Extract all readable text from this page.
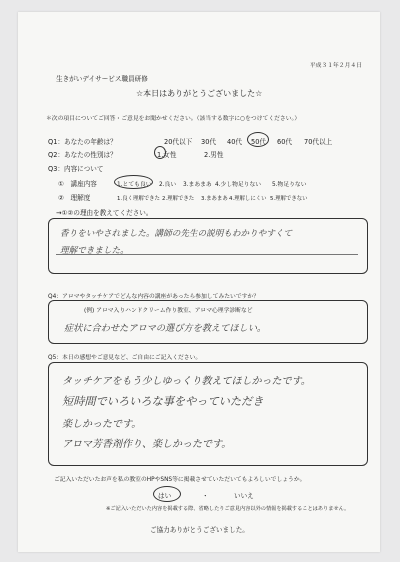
平成３１年２月４日
生きがいデイサービス職員研修
☆本日はありがとうございました☆
＊次の項目についてご回答・ご意見をお聞かせください。（該当する数字に○をつけてください。）
Q1：あなたの年齢は？	20代以下 30代 40代 50代 60代 70代以上
Q2：あなたの性別は？	1.女性	2.男性
Q3：内容について
①　講座内容	1.とても良い 2.良い 3.まあまあ 4.少し物足りない 5.物足りない
②　理解度	1.良く理解できた 2.理解できた 3.まあまあ 4.理解しにくい 5.理解できない
→①②の理由を教えてください。
香りをいやされました。講師の先生の説明もわかりやすくて
理解できました。
Q4：アロマやタッチケアでどんな内容の講座があったら参加してみたいですか？
(例) アロマ入りハンドクリーム作り教室、アロマ心理学診断など
症状に合わせたアロマの選び方を教えてほしい。
Q5：本日の感想やご意見など、ご自由にご記入ください。
タッチケアをもう少しゆっくり教えてほしかったです。
短時間でいろいろな事をやっていただき
楽しかったです。
アロマ芳香剤作り、楽しかったです。
ご記入いただいたお声を私の教室のHPやSNS等に掲載させていただいてもよろしいでしょうか。
はい	・	いいえ
※ご記入いただいた内容を掲載する際、省略したりご意見内容以外の情報を掲載することはありません。
ご協力ありがとうございました。
